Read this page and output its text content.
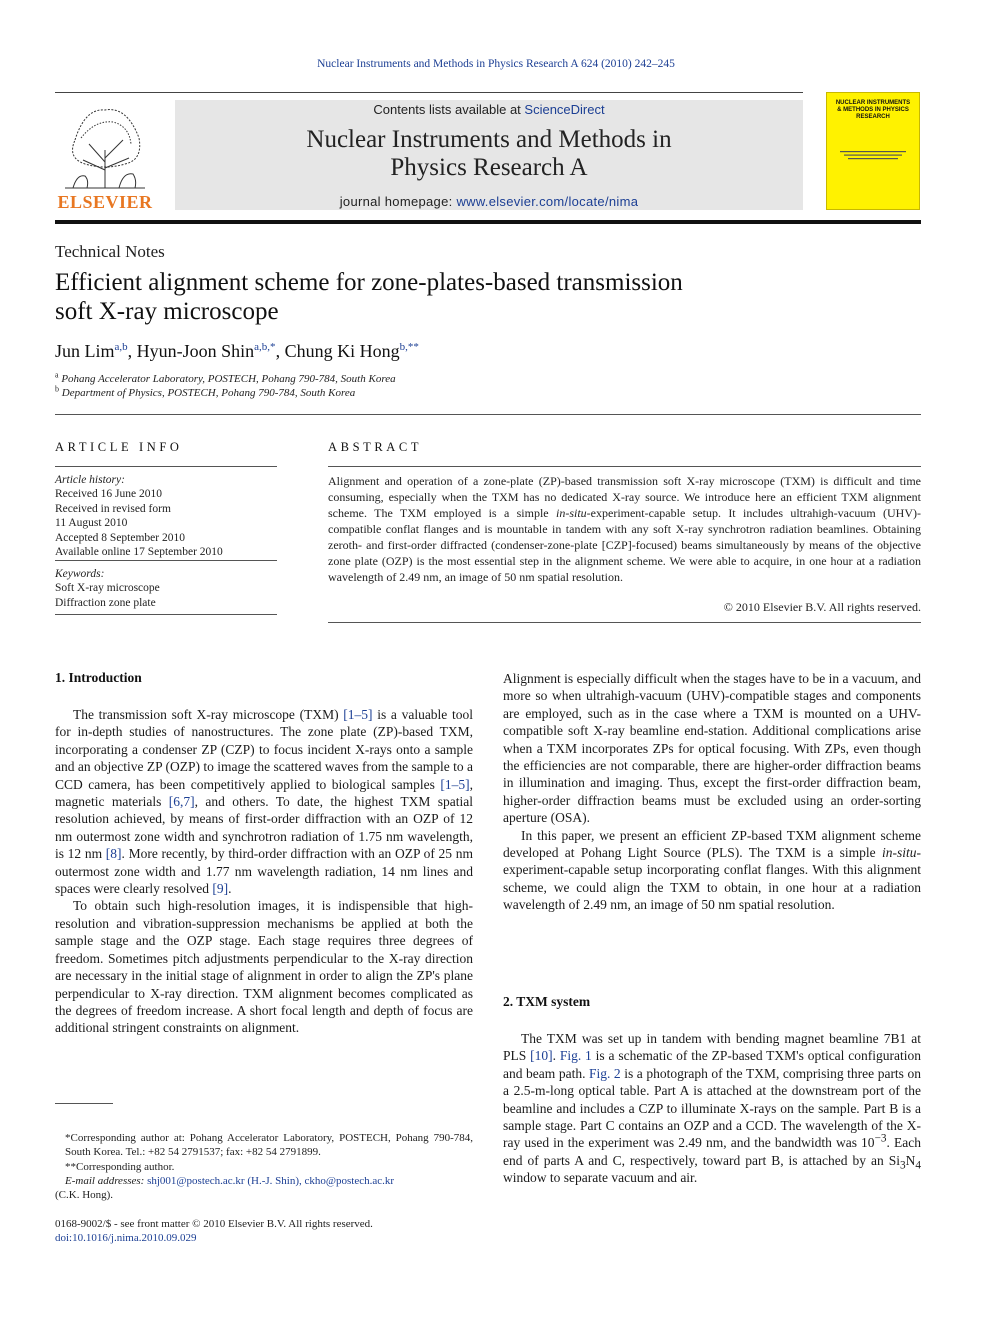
Nuclear Instruments and Methods in Physics Research A 624 (2010) 242–245
ELSEVIER
Contents lists available at ScienceDirect
Nuclear Instruments and Methods in
Physics Research A
journal homepage: www.elsevier.com/locate/nima
NUCLEAR INSTRUMENTS & METHODS IN PHYSICS RESEARCH
Technical Notes
Efficient alignment scheme for zone-plates-based transmission
soft X-ray microscope
Jun Lim$^{a,b}$, Hyun-Joon Shin$^{a,b,*}$, Chung Ki Hong$^{b,**}$
$^a$ Pohang Accelerator Laboratory, POSTECH, Pohang 790-784, South Korea
$^b$ Department of Physics, POSTECH, Pohang 790-784, South Korea
ARTICLE INFO
Article history:
Received 16 June 2010
Received in revised form
11 August 2010
Accepted 8 September 2010
Available online 17 September 2010
Keywords:
Soft X-ray microscope
Diffraction zone plate
ABSTRACT
Alignment and operation of a zone-plate (ZP)-based transmission soft X-ray microscope (TXM) is difficult and time consuming, especially when the TXM has no dedicated X-ray source. We introduce here an efficient TXM alignment scheme. The TXM employed is a simple in-situ-experiment-capable setup. It includes ultrahigh-vacuum (UHV)-compatible conflat flanges and is mountable in tandem with any soft X-ray synchrotron radiation beamlines. Obtaining zeroth- and first-order diffracted (condenser-zone-plate [CZP]-focused) beams simultaneously by means of the objective zone plate (OZP) is the most essential step in the alignment scheme. We were able to acquire, in one hour at a radiation wavelength of 2.49 nm, an image of 50 nm spatial resolution.
© 2010 Elsevier B.V. All rights reserved.
1. Introduction

The transmission soft X-ray microscope (TXM) [1–5] is a valuable tool for in-depth studies of nanostructures. The zone plate (ZP)-based TXM, incorporating a condenser ZP (CZP) to focus incident X-rays onto a sample and an objective ZP (OZP) to image the scattered waves from the sample to a CCD camera, has been competitively applied to biological samples [1–5], magnetic materials [6,7], and others. To date, the highest TXM spatial resolution achieved, by means of first-order diffraction with an OZP of 12 nm outermost zone width and synchrotron radiation of 1.75 nm wavelength, is 12 nm [8]. More recently, by third-order diffraction with an OZP of 25 nm outermost zone width and 1.77 nm wavelength radiation, 14 nm lines and spaces were clearly resolved [9].

To obtain such high-resolution images, it is indispensible that high-resolution and vibration-suppression mechanisms be applied at both the sample stage and the OZP stage. Each stage requires three degrees of freedom. Sometimes pitch adjustments perpendicular to the X-ray direction are necessary in the initial stage of alignment in order to align the ZP's plane perpendicular to X-ray direction. TXM alignment becomes complicated as the degrees of freedom increase. A short focal length and depth of focus are additional stringent constraints on alignment.

Alignment is especially difficult when the stages have to be in a vacuum, and more so when ultrahigh-vacuum (UHV)-compatible stages and components are employed, such as in the case where a TXM is mounted on a UHV-compatible soft X-ray beamline end-station. Additional complications arise when a TXM incorporates ZPs for optical focusing. With ZPs, even though the efficiencies are not comparable, there are higher-order diffraction beams in illumination and imaging. Thus, except the first-order diffraction beam, higher-order diffraction beams must be excluded using an order-sorting aperture (OSA).

In this paper, we present an efficient ZP-based TXM alignment scheme developed at Pohang Light Source (PLS). The TXM is a simple in-situ-experiment-capable setup incorporating conflat flanges. With this alignment scheme, we could align the TXM to obtain, in one hour at a radiation wavelength of 2.49 nm, an image of 50 nm spatial resolution.

2. TXM system

The TXM was set up in tandem with bending magnet beamline 7B1 at PLS [10]. Fig. 1 is a schematic of the ZP-based TXM's optical configuration and beam path. Fig. 2 is a photograph of the TXM, comprising three parts on a 2.5-m-long optical table. Part A is attached at the downstream port of the beamline and includes a CZP to illuminate X-rays on the sample. Part B is a sample stage. Part C contains an OZP and a CCD. The wavelength of the X-ray used in the experiment was 2.49 nm, and the bandwidth was $10^{-3}$. Each end of parts A and C, respectively, toward part B, is attached by an $Si_3N_4$ window to separate vacuum and air.

*Corresponding author at: Pohang Accelerator Laboratory, POSTECH, Pohang 790-784, South Korea. Tel.: +82 54 2791537; fax: +82 54 2791899.

**Corresponding author.

E-mail addresses: shj001@postech.ac.kr (H.-J. Shin), ckho@postech.ac.kr

(C.K. Hong).

0168-9002/$ - see front matter © 2010 Elsevier B.V. All rights reserved.
doi:10.1016/j.nima.2010.09.029
